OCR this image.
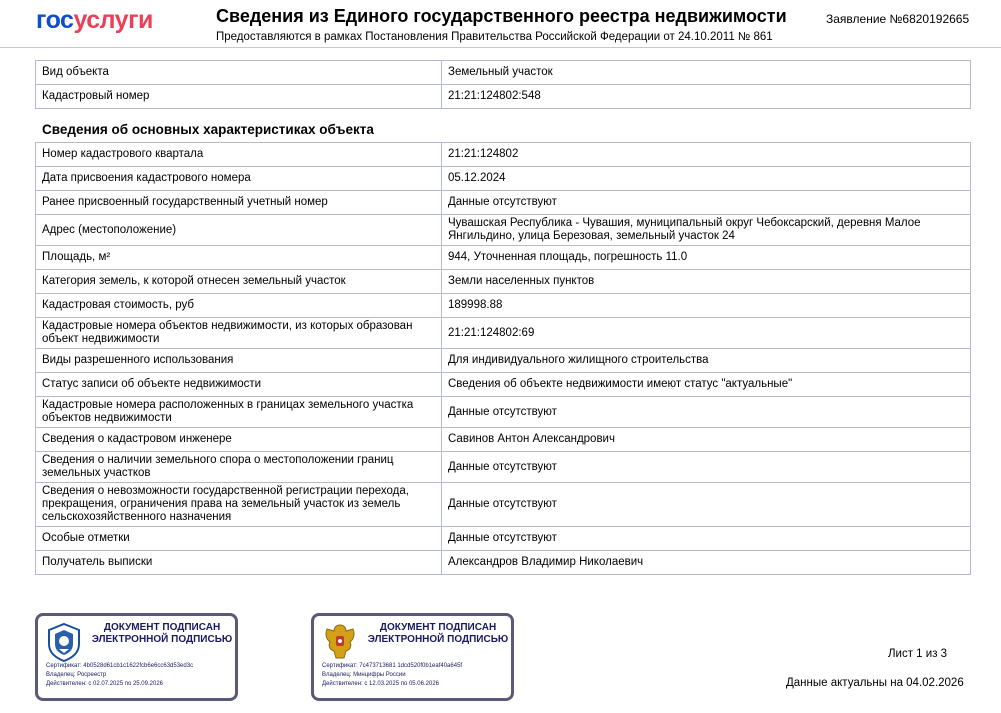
госуслуги	Сведения из Единого государственного реестра недвижимости
Предоставляются в рамках Постановления Правительства Российской Федерации от 24.10.2011 № 861
Заявление №6820192665
Вид объекта	Земельный участок
Кадастровый номер	21:21:124802:548
Сведения об основных характеристиках объекта
Номер кадастрового квартала	21:21:124802
Дата присвоения кадастрового номера	05.12.2024
Ранее присвоенный государственный учетный номер	Данные отсутствуют
Адрес (местоположение)	Чувашская Республика - Чувашия, муниципальный округ Чебоксарский, деревня Малое Янгильдино, улица Березовая, земельный участок 24
Площадь, м²	944, Уточненная площадь, погрешность 11.0
Категория земель, к которой отнесен земельный участок	Земли населенных пунктов
Кадастровая стоимость, руб	189998.88
Кадастровые номера объектов недвижимости, из которых образован объект недвижимости	21:21:124802:69
Виды разрешенного использования	Для индивидуального жилищного строительства
Статус записи об объекте недвижимости	Сведения об объекте недвижимости имеют статус "актуальные"
Кадастровые номера расположенных в границах земельного участка объектов недвижимости	Данные отсутствуют
Сведения о кадастровом инженере	Савинов Антон Александрович
Сведения о наличии земельного спора о местоположении границ земельных участков	Данные отсутствуют
Сведения о невозможности государственной регистрации перехода, прекращения, ограничения права на земельный участок из земель сельскохозяйственного назначения	Данные отсутствуют
Особые отметки	Данные отсутствуют
Получатель выписки	Александров Владимир Николаевич
ДОКУМЕНТ ПОДПИСАН ЭЛЕКТРОННОЙ ПОДПИСЬЮ
Сертификат: 4b0528d61cb1c1622fcb6e6cc63d53ed3c
Владелец: Росреестр
Действителен: с 02.07.2025 по 25.09.2026
ДОКУМЕНТ ПОДПИСАН ЭЛЕКТРОННОЙ ПОДПИСЬЮ
Сертификат: 7c473713681 1dcd520f0b1eaf40a645f
Владелец: Минцифры России
Действителен: с 12.03.2025 по 05.06.2026
Лист 1 из 3
Данные актуальны на 04.02.2026
